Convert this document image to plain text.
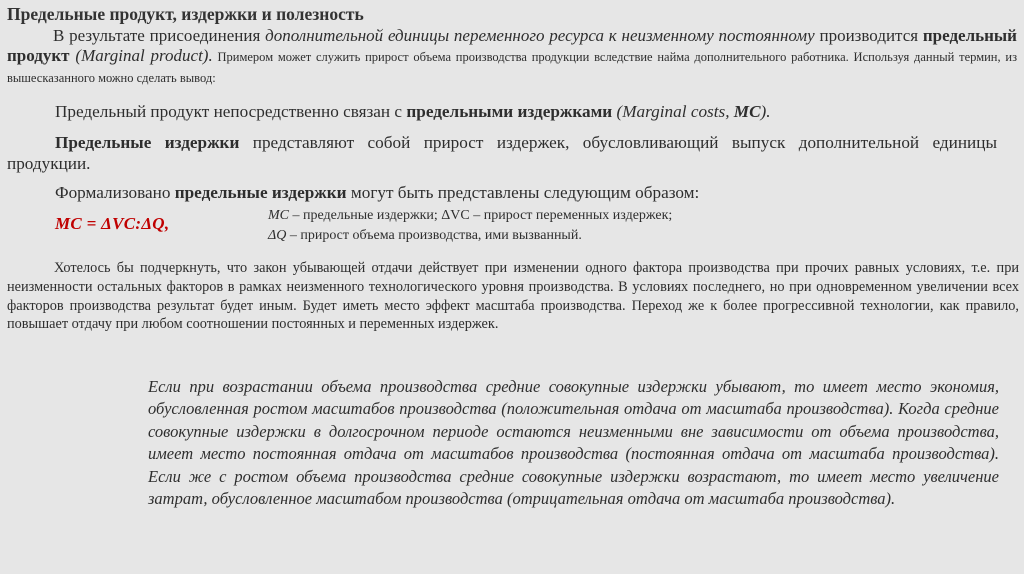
Предельные продукт, издержки и полезность
В результате присоединения дополнительной единицы переменного ресурса к неизменному постоянному производится предельный продукт (Marginal product). Примером может служить прирост объема производства продукции вследствие найма дополнительного работника. Используя данный термин, из вышесказанного можно сделать вывод:
Предельный продукт непосредственно связан с предельными издержками (Marginal costs, МС).
Предельные издержки представляют собой прирост издержек, обусловливающий выпуск дополнительной единицы продукции.
Формализовано предельные издержки могут быть представлены следующим образом:
MC = ΔVC:ΔQ,	MC – предельные издержки; ΔVC – прирост переменных издержек;
ΔQ – прирост объема производства, ими вызванный.
Хотелось бы подчеркнуть, что закон убывающей отдачи действует при изменении одного фактора производства при прочих равных условиях, т.е. при неизменности остальных факторов в рамках неизменного технологического уровня производства. В условиях последнего, но при одновременном увеличении всех факторов производства результат будет иным. Будет иметь место эффект масштаба производства. Переход же к более прогрессивной технологии, как правило, повышает отдачу при любом соотношении постоянных и переменных издержек.
Если при возрастании объема производства средние совокупные издержки убывают, то имеет место экономия, обусловленная ростом масштабов производства (положительная отдача от масштаба производства). Когда средние совокупные издержки в долгосрочном периоде остаются неизменными вне зависимости от объема производства, имеет место постоянная отдача от масштабов производства (постоянная отдача от масштаба производства). Если же с ростом объема производства средние совокупные издержки возрастают, то имеет место увеличение затрат, обусловленное масштабом производства (отрицательная отдача от масштаба производства).
